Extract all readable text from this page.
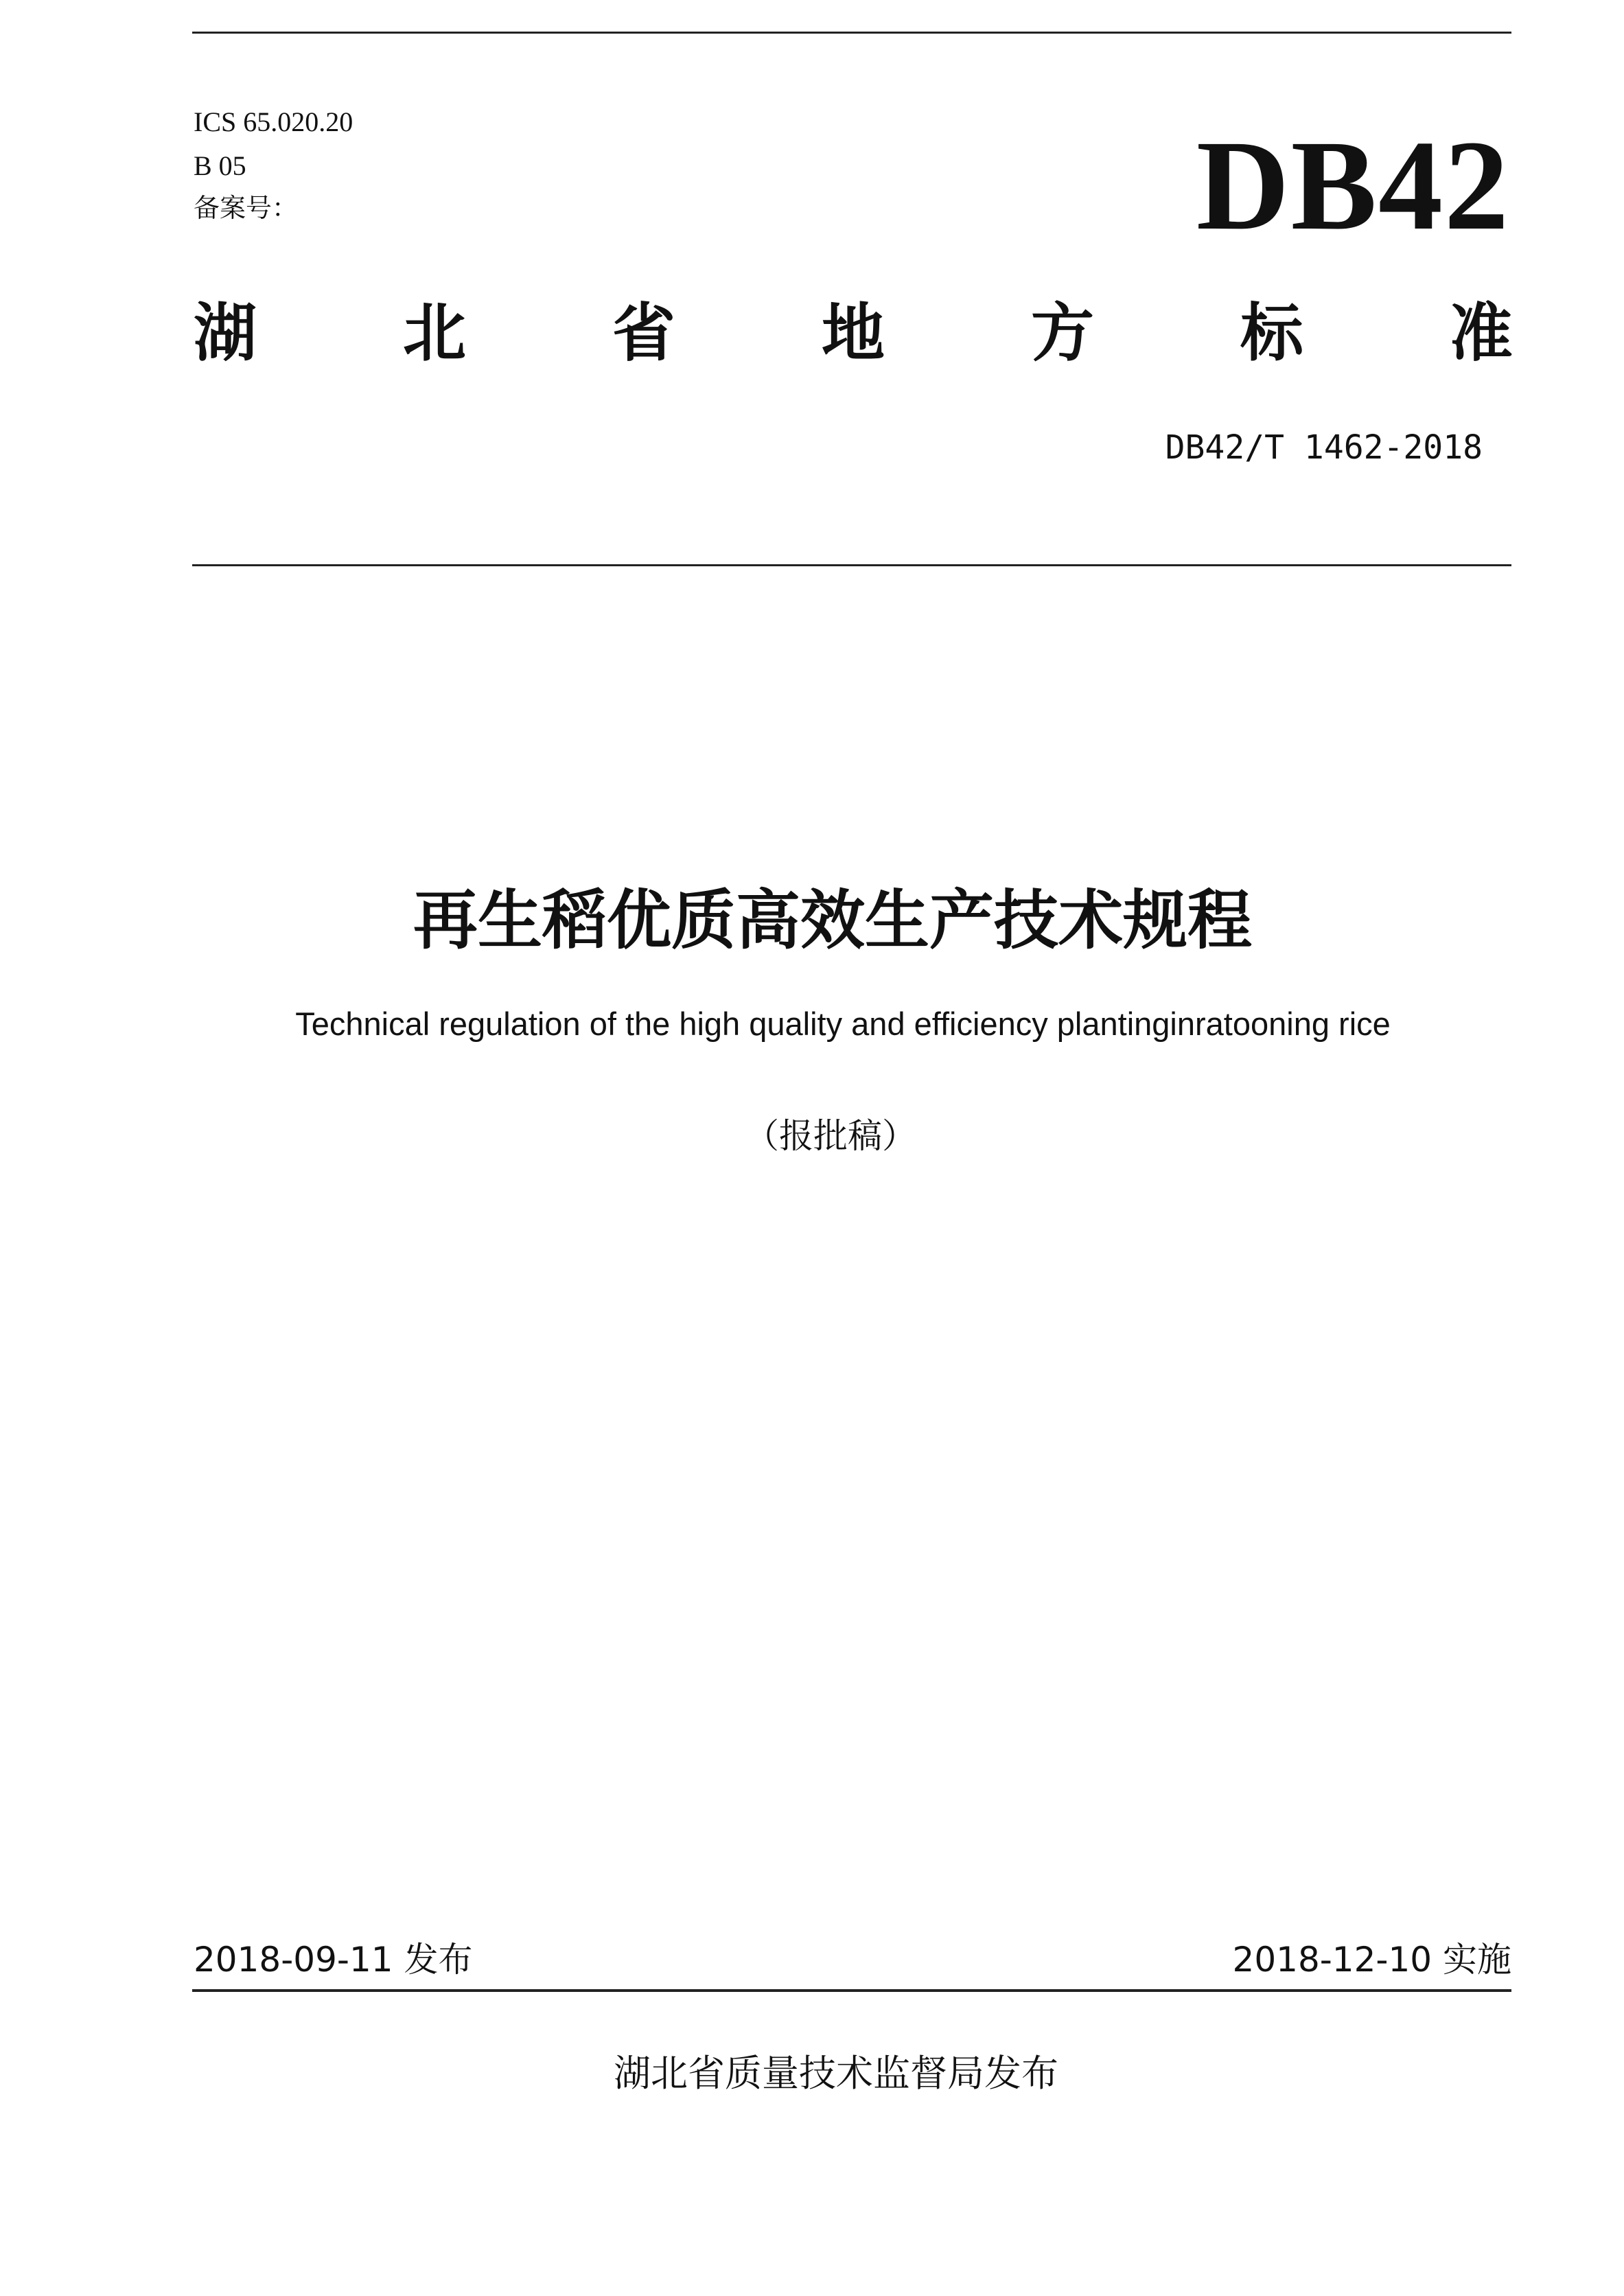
ICS 65.020.20
B 05
备案号：	DB42
湖 北 省 地 方 标 准
DB42/T 1462-2018
再生稻优质高效生产技术规程
Technical regulation of the high quality and efficiency plantinginratooning rice
（报批稿）
2018-09-11 发布	2018-12-10 实施
湖北省质量技术监督局发布
